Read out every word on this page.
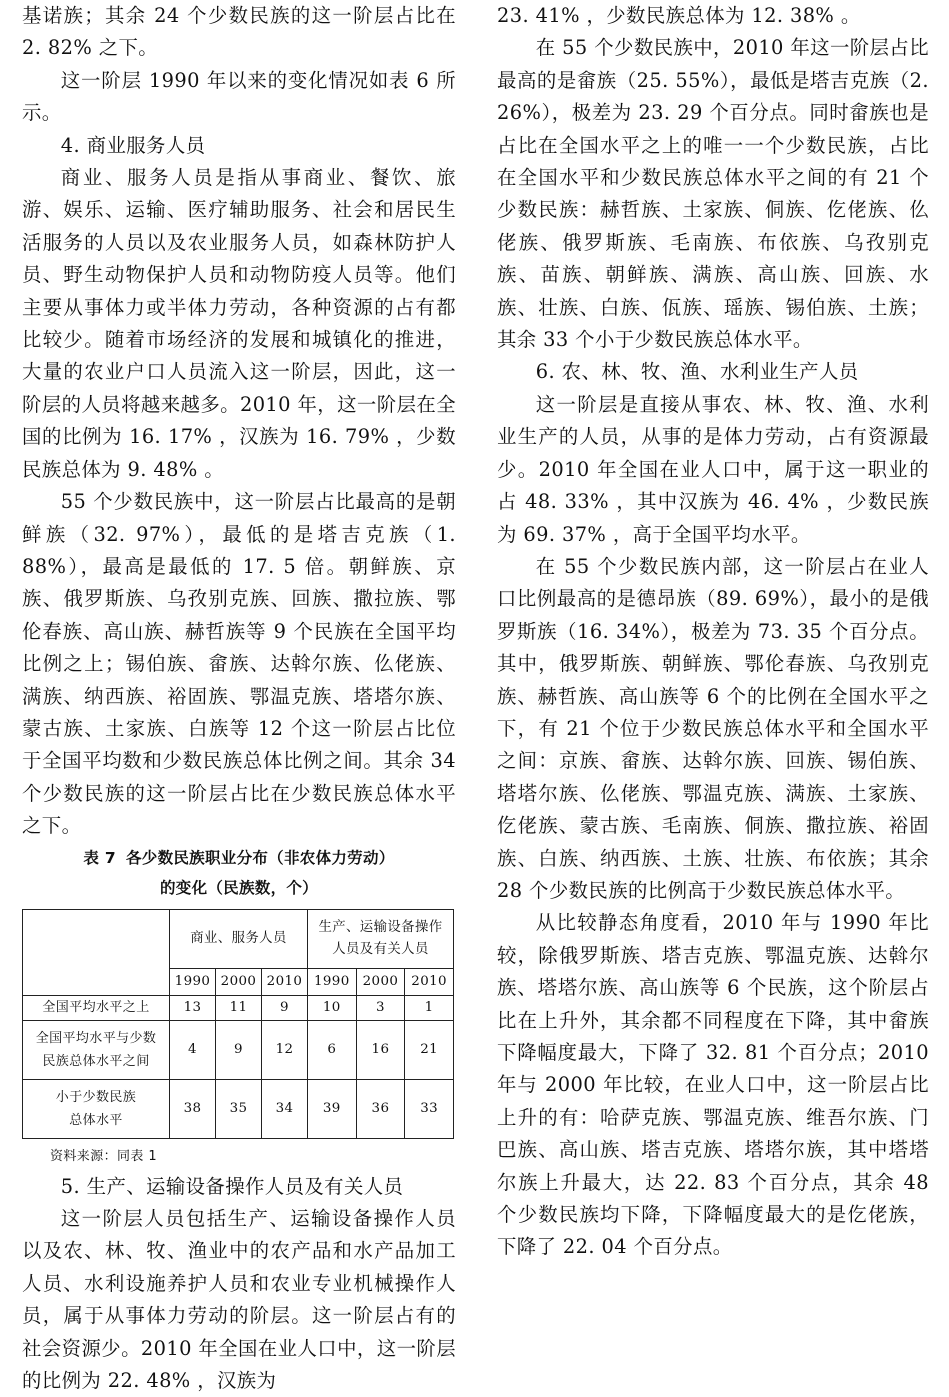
基诺族；其余 24 个少数民族的这一阶层占比在 2. 82% 之下。

这一阶层 1990 年以来的变化情况如表 6 所示。

4. 商业服务人员

商业、服务人员是指从事商业、餐饮、旅游、娱乐、运输、医疗辅助服务、社会和居民生活服务的人员以及农业服务人员，如森林防护人员、野生动物保护人员和动物防疫人员等。他们主要从事体力或半体力劳动，各种资源的占有都比较少。随着市场经济的发展和城镇化的推进，大量的农业户口人员流入这一阶层，因此，这一阶层的人员将越来越多。2010 年，这一阶层在全国的比例为 16. 17% ，汉族为 16. 79% ，少数民族总体为 9. 48% 。

55 个少数民族中，这一阶层占比最高的是朝鲜族（32. 97%），最低的是塔吉克族（1. 88%），最高是最低的 17. 5 倍。朝鲜族、京族、俄罗斯族、乌孜别克族、回族、撒拉族、鄂伦春族、高山族、赫哲族等 9 个民族在全国平均比例之上；锡伯族、畲族、达斡尔族、仫佬族、满族、纳西族、裕固族、鄂温克族、塔塔尔族、蒙古族、土家族、白族等 12 个这一阶层占比位于全国平均数和少数民族总体比例之间。其余 34 个少数民族的这一阶层占比在少数民族总体水平之下。

表 7 各少数民族职业分布（非农体力劳动）
的变化（民族数，个）
	商业、服务人员			生产、运输设备操作
人员及有关人员		

	1990	2000	2010	1990	2000	2010
全国平均水平之上	13	11	9	10	3	1

全国平均水平与少数
民族总体水平之间	4	9	12	6	16	21

小于少数民族
总体水平	38	35	34	39	36	33
资料来源：同表 1

5. 生产、运输设备操作人员及有关人员

这一阶层人员包括生产、运输设备操作人员以及农、林、牧、渔业中的农产品和水产品加工人员、水利设施养护人员和农业专业机械操作人员，属于从事体力劳动的阶层。这一阶层占有的社会资源少。2010 年全国在业人口中，这一阶层的比例为 22. 48% ，汉族为

23. 41% ，少数民族总体为 12. 38% 。

在 55 个少数民族中，2010 年这一阶层占比最高的是畲族（25. 55%），最低是塔吉克族（2. 26%），极差为 23. 29 个百分点。同时畲族也是占比在全国水平之上的唯一一个少数民族，占比在全国水平和少数民族总体水平之间的有 21 个少数民族：赫哲族、土家族、侗族、仡佬族、仫佬族、俄罗斯族、毛南族、布依族、乌孜别克族、苗族、朝鲜族、满族、高山族、回族、水族、壮族、白族、佤族、瑶族、锡伯族、土族；其余 33 个小于少数民族总体水平。

6. 农、林、牧、渔、水利业生产人员

这一阶层是直接从事农、林、牧、渔、水利业生产的人员，从事的是体力劳动，占有资源最少。2010 年全国在业人口中，属于这一职业的占 48. 33% ，其中汉族为 46. 4% ，少数民族为 69. 37% ，高于全国平均水平。

在 55 个少数民族内部，这一阶层占在业人口比例最高的是德昂族（89. 69%），最小的是俄罗斯族（16. 34%），极差为 73. 35 个百分点。其中，俄罗斯族、朝鲜族、鄂伦春族、乌孜别克族、赫哲族、高山族等 6 个的比例在全国水平之下，有 21 个位于少数民族总体水平和全国水平之间：京族、畲族、达斡尔族、回族、锡伯族、塔塔尔族、仫佬族、鄂温克族、满族、土家族、仡佬族、蒙古族、毛南族、侗族、撒拉族、裕固族、白族、纳西族、土族、壮族、布依族；其余 28 个少数民族的比例高于少数民族总体水平。

从比较静态角度看，2010 年与 1990 年比较，除俄罗斯族、塔吉克族、鄂温克族、达斡尔族、塔塔尔族、高山族等 6 个民族，这个阶层占比在上升外，其余都不同程度在下降，其中畲族下降幅度最大，下降了 32. 81 个百分点；2010 年与 2000 年比较，在业人口中，这一阶层占比上升的有：哈萨克族、鄂温克族、维吾尔族、门巴族、高山族、塔吉克族、塔塔尔族，其中塔塔尔族上升最大，达 22. 83 个百分点，其余 48 个少数民族均下降，下降幅度最大的是仡佬族，下降了 22. 04 个百分点。
